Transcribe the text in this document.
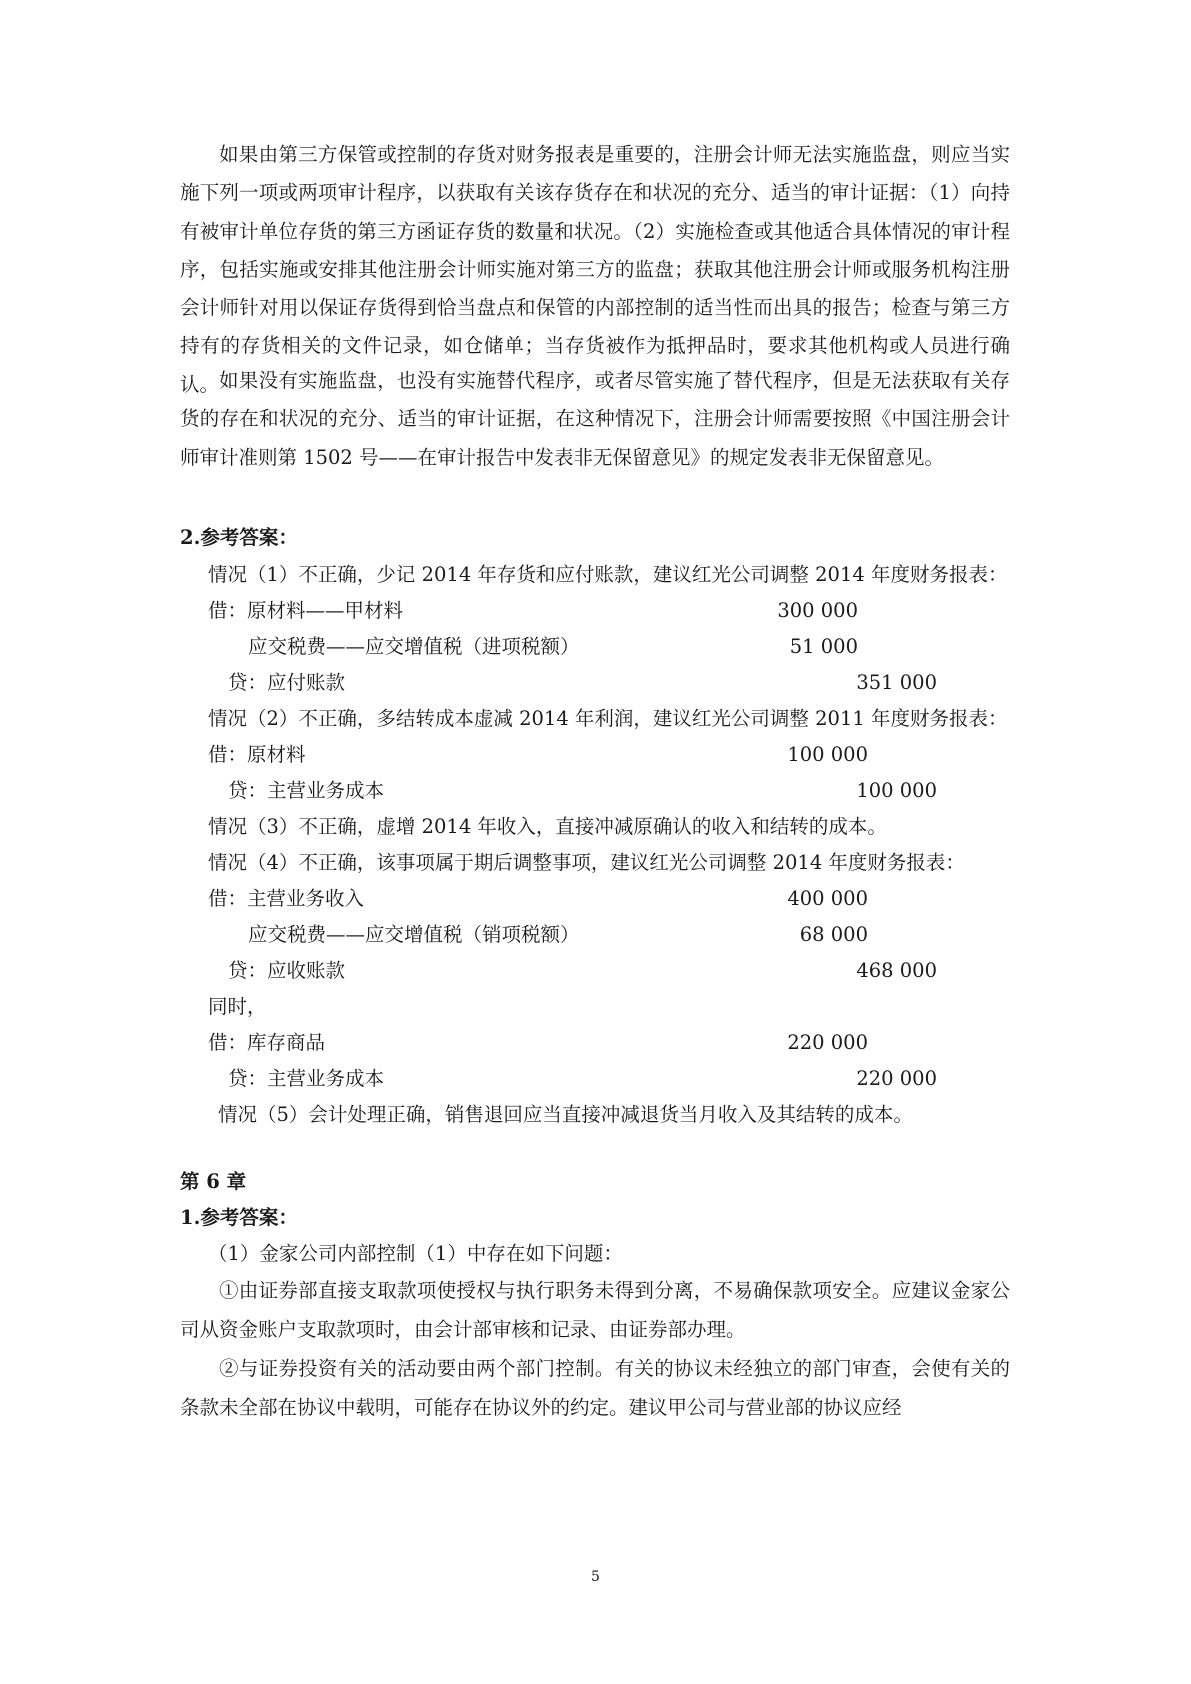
如果由第三方保管或控制的存货对财务报表是重要的，注册会计师无法实施监盘，则应当实施下列一项或两项审计程序，以获取有关该存货存在和状况的充分、适当的审计证据：（1）向持有被审计单位存货的第三方函证存货的数量和状况。（2）实施检查或其他适合具体情况的审计程序，包括实施或安排其他注册会计师实施对第三方的监盘；获取其他注册会计师或服务机构注册会计师针对用以保证存货得到恰当盘点和保管的内部控制的适当性而出具的报告；检查与第三方持有的存货相关的文件记录，如仓储单；当存货被作为抵押品时，要求其他机构或人员进行确认。 如果没有实施监盘，也没有实施替代程序，或者尽管实施了替代程序，但是无法获取有关存货的存在和状况的充分、适当的审计证据，在这种情况下，注册会计师需要按照《中国注册会计师审计准则第 1502 号——在审计报告中发表非无保留意见》的规定发表非无保留意见。

2.参考答案：
情况（1）不正确，少记 2014 年存货和应付账款，建议红光公司调整 2014 年度财务报表：
借：原材料——甲材料	300 000
应交税费——应交增值税（进项税额）	51 000
贷：应付账款	351 000
情况（2）不正确，多结转成本虚减 2014 年利润，建议红光公司调整 2011 年度财务报表：
借：原材料	100 000
贷：主营业务成本	100 000
情况（3）不正确，虚增 2014 年收入，直接冲减原确认的收入和结转的成本。
情况（4）不正确，该事项属于期后调整事项，建议红光公司调整 2014 年度财务报表：
借：主营业务收入	400 000
应交税费——应交增值税（销项税额）	68 000
贷：应收账款	468 000
同时，
借：库存商品	220 000
贷：主营业务成本	220 000
情况（5）会计处理正确，销售退回应当直接冲减退货当月收入及其结转的成本。
第 6 章
1.参考答案：
（1）金家公司内部控制（1）中存在如下问题：

①由证券部直接支取款项使授权与执行职务未得到分离，不易确保款项安全。应建议金家公司从资金账户支取款项时，由会计部审核和记录、由证券部办理。

②与证券投资有关的活动要由两个部门控制。有关的协议未经独立的部门审查，会使有关的条款未全部在协议中载明，可能存在协议外的约定。建议甲公司与营业部的协议应经

5
